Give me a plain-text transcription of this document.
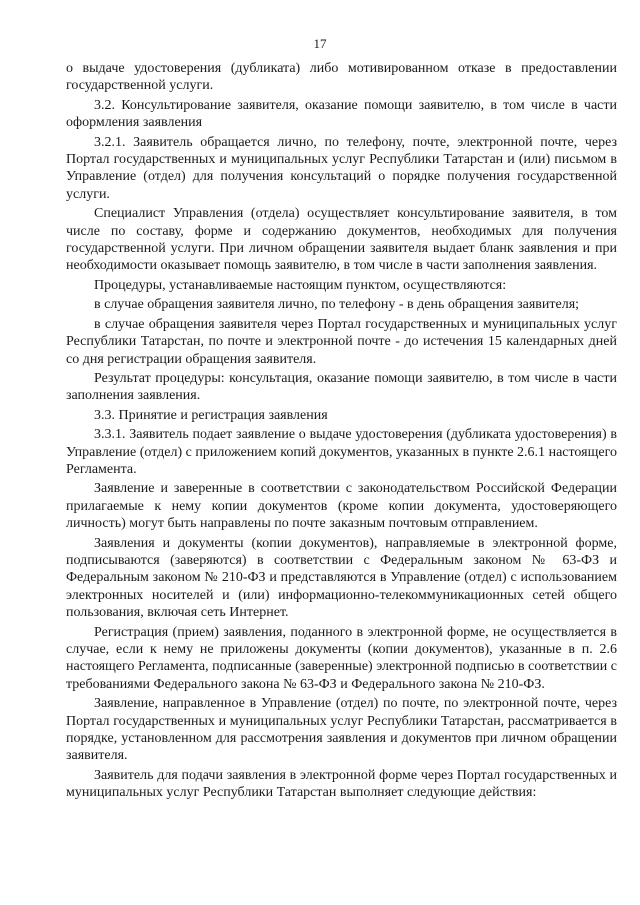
17

о выдаче удостоверения (дубликата) либо мотивированном отказе в предоставлении государственной услуги.

3.2. Консультирование заявителя, оказание помощи заявителю, в том числе в части оформления заявления

3.2.1. Заявитель обращается лично, по телефону, почте, электронной почте, через Портал государственных и муниципальных услуг Республики Татарстан и (или) письмом в Управление (отдел) для получения консультаций о порядке получения государственной услуги.

Специалист Управления (отдела) осуществляет консультирование заявителя, в том числе по составу, форме и содержанию документов, необходимых для получения государственной услуги. При личном обращении заявителя выдает бланк заявления и при необходимости оказывает помощь заявителю, в том числе в части заполнения заявления.

Процедуры, устанавливаемые настоящим пунктом, осуществляются:

в случае обращения заявителя лично, по телефону - в день обращения заявителя;

в случае обращения заявителя через Портал государственных и муниципальных услуг Республики Татарстан, по почте и электронной почте - до истечения 15 календарных дней со дня регистрации обращения заявителя.

Результат процедуры: консультация, оказание помощи заявителю, в том числе в части заполнения заявления.

3.3. Принятие и регистрация заявления

3.3.1. Заявитель подает заявление о выдаче удостоверения (дубликата удостоверения) в Управление (отдел) с приложением копий документов, указанных в пункте 2.6.1 настоящего Регламента.

Заявление и заверенные в соответствии с законодательством Российской Федерации прилагаемые к нему копии документов (кроме копии документа, удостоверяющего личность) могут быть направлены по почте заказным почтовым отправлением.

Заявления и документы (копии документов), направляемые в электронной форме, подписываются (заверяются) в соответствии с Федеральным законом № 63-ФЗ и Федеральным законом № 210-ФЗ и представляются в Управление (отдел) с использованием электронных носителей и (или) информационно-телекоммуникационных сетей общего пользования, включая сеть Интернет.

Регистрация (прием) заявления, поданного в электронной форме, не осуществляется в случае, если к нему не приложены документы (копии документов), указанные в п. 2.6 настоящего Регламента, подписанные (заверенные) электронной подписью в соответствии с требованиями Федерального закона № 63-ФЗ и Федерального закона № 210-ФЗ.

Заявление, направленное в Управление (отдел) по почте, по электронной почте, через Портал государственных и муниципальных услуг Республики Татарстан, рассматривается в порядке, установленном для рассмотрения заявления и документов при личном обращении заявителя.

Заявитель для подачи заявления в электронной форме через Портал государственных и муниципальных услуг Республики Татарстан выполняет следующие действия:
